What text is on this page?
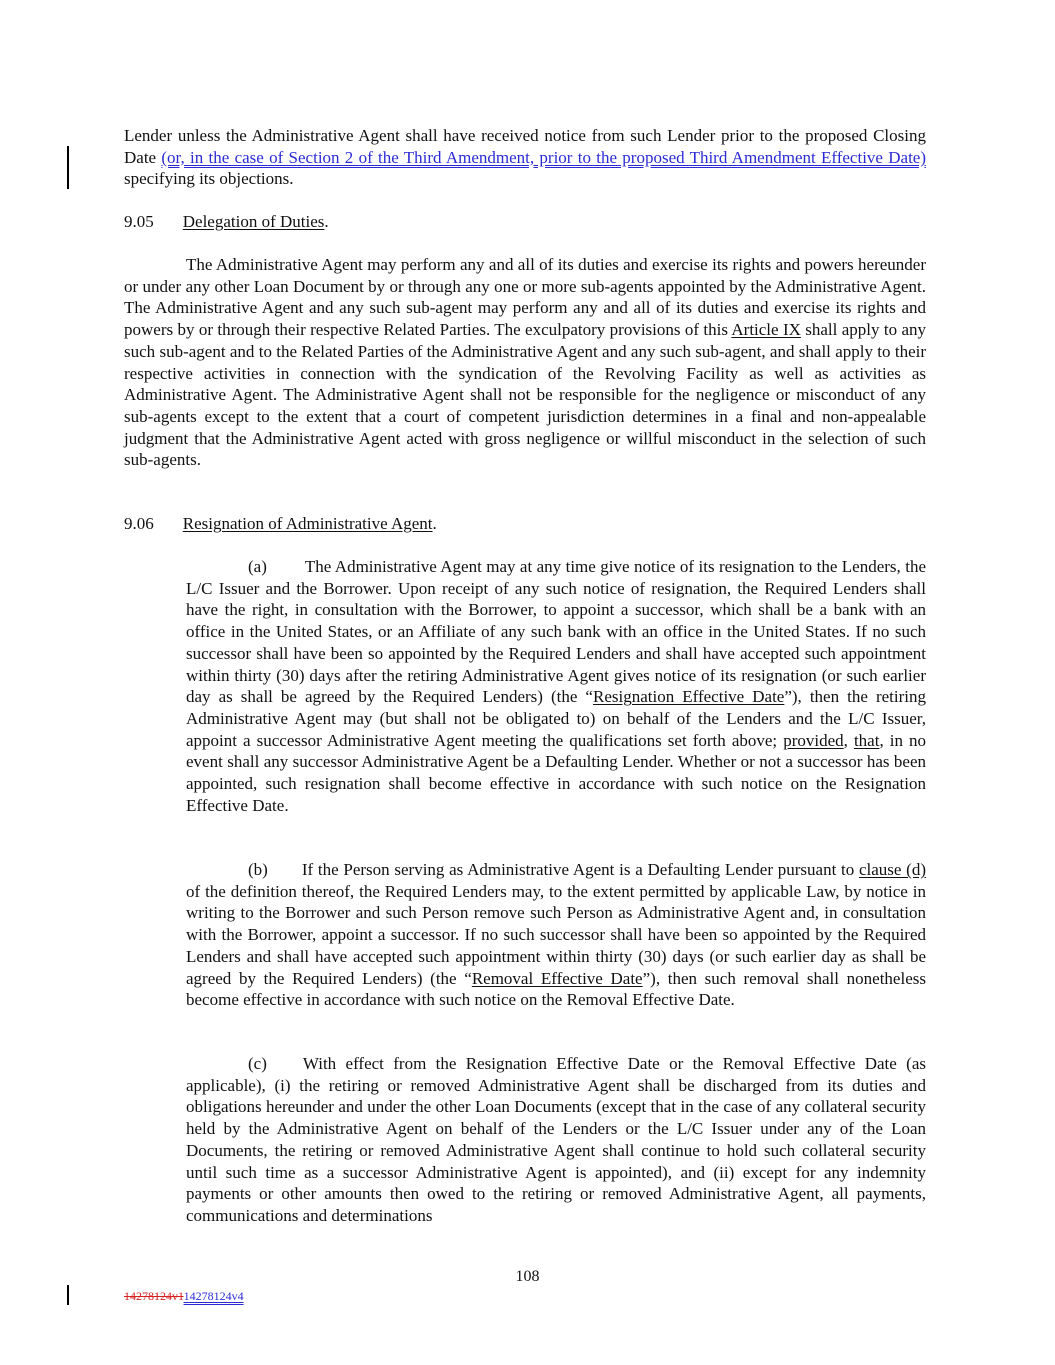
Lender unless the Administrative Agent shall have received notice from such Lender prior to the proposed Closing Date (or, in the case of Section 2 of the Third Amendment, prior to the proposed Third Amendment Effective Date) specifying its objections.

9.05 Delegation of Duties.

The Administrative Agent may perform any and all of its duties and exercise its rights and powers hereunder or under any other Loan Document by or through any one or more sub-agents appointed by the Administrative Agent. The Administrative Agent and any such sub-agent may perform any and all of its duties and exercise its rights and powers by or through their respective Related Parties. The exculpatory provisions of this Article IX shall apply to any such sub-agent and to the Related Parties of the Administrative Agent and any such sub-agent, and shall apply to their respective activities in connection with the syndication of the Revolving Facility as well as activities as Administrative Agent. The Administrative Agent shall not be responsible for the negligence or misconduct of any sub-agents except to the extent that a court of competent jurisdiction determines in a final and non-appealable judgment that the Administrative Agent acted with gross negligence or willful misconduct in the selection of such sub-agents.

9.06 Resignation of Administrative Agent.

(a) The Administrative Agent may at any time give notice of its resignation to the Lenders, the L/C Issuer and the Borrower. Upon receipt of any such notice of resignation, the Required Lenders shall have the right, in consultation with the Borrower, to appoint a successor, which shall be a bank with an office in the United States, or an Affiliate of any such bank with an office in the United States. If no such successor shall have been so appointed by the Required Lenders and shall have accepted such appointment within thirty (30) days after the retiring Administrative Agent gives notice of its resignation (or such earlier day as shall be agreed by the Required Lenders) (the “Resignation Effective Date”), then the retiring Administrative Agent may (but shall not be obligated to) on behalf of the Lenders and the L/C Issuer, appoint a successor Administrative Agent meeting the qualifications set forth above; provided, that, in no event shall any successor Administrative Agent be a Defaulting Lender. Whether or not a successor has been appointed, such resignation shall become effective in accordance with such notice on the Resignation Effective Date.

(b) If the Person serving as Administrative Agent is a Defaulting Lender pursuant to clause (d) of the definition thereof, the Required Lenders may, to the extent permitted by applicable Law, by notice in writing to the Borrower and such Person remove such Person as Administrative Agent and, in consultation with the Borrower, appoint a successor. If no such successor shall have been so appointed by the Required Lenders and shall have accepted such appointment within thirty (30) days (or such earlier day as shall be agreed by the Required Lenders) (the “Removal Effective Date”), then such removal shall nonetheless become effective in accordance with such notice on the Removal Effective Date.

(c) With effect from the Resignation Effective Date or the Removal Effective Date (as applicable), (i) the retiring or removed Administrative Agent shall be discharged from its duties and obligations hereunder and under the other Loan Documents (except that in the case of any collateral security held by the Administrative Agent on behalf of the Lenders or the L/C Issuer under any of the Loan Documents, the retiring or removed Administrative Agent shall continue to hold such collateral security until such time as a successor Administrative Agent is appointed), and (ii) except for any indemnity payments or other amounts then owed to the retiring or removed Administrative Agent, all payments, communications and determinations

108
14278124v114278124v4
